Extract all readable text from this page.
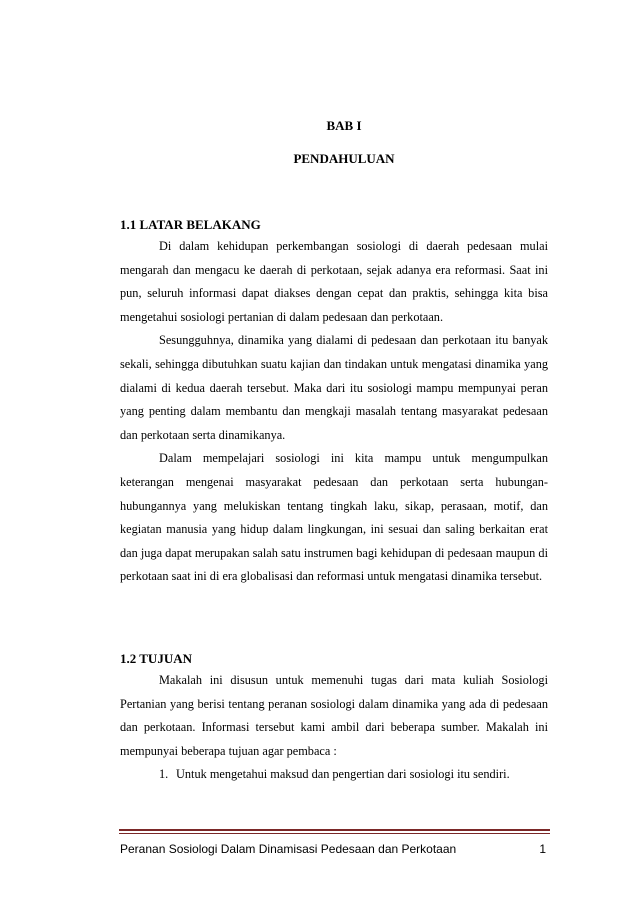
BAB I
PENDAHULUAN
1.1 LATAR BELAKANG

Di dalam kehidupan perkembangan sosiologi di daerah pedesaan mulai mengarah dan mengacu ke daerah di perkotaan, sejak adanya era reformasi. Saat ini pun, seluruh informasi dapat diakses dengan cepat dan praktis, sehingga kita bisa mengetahui sosiologi pertanian di dalam pedesaan dan perkotaan.

Sesungguhnya, dinamika yang dialami di pedesaan dan perkotaan itu banyak sekali, sehingga dibutuhkan suatu kajian dan tindakan untuk mengatasi dinamika yang dialami di kedua daerah tersebut. Maka dari itu sosiologi mampu mempunyai peran yang penting dalam membantu dan mengkaji masalah tentang masyarakat pedesaan dan perkotaan serta dinamikanya.

Dalam mempelajari sosiologi ini kita mampu untuk mengumpulkan keterangan mengenai masyarakat pedesaan dan perkotaan serta hubungan-hubungannya yang melukiskan tentang tingkah laku, sikap, perasaan, motif, dan kegiatan manusia yang hidup dalam lingkungan, ini sesuai dan saling berkaitan erat dan juga dapat merupakan salah satu instrumen bagi kehidupan di pedesaan maupun di perkotaan saat ini di era globalisasi dan reformasi untuk mengatasi dinamika tersebut.

1.2 TUJUAN

Makalah ini disusun untuk memenuhi tugas dari mata kuliah Sosiologi Pertanian yang berisi tentang peranan sosiologi dalam dinamika yang ada di pedesaan dan perkotaan. Informasi tersebut kami ambil dari beberapa sumber. Makalah ini mempunyai beberapa tujuan agar pembaca :

1. Untuk mengetahui maksud dan pengertian dari sosiologi itu sendiri.
Peranan Sosiologi Dalam Dinamisasi Pedesaan dan Perkotaan	1
